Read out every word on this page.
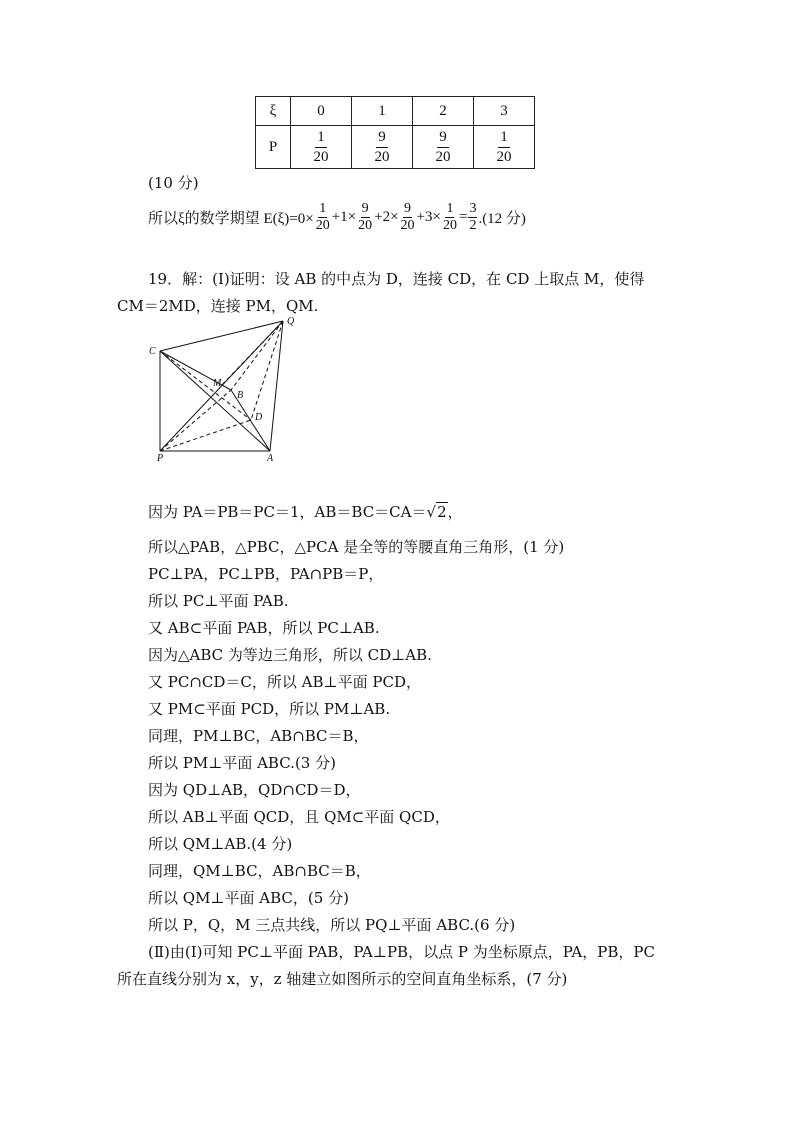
ξ	0	1	2	3
P	$\frac{1}{20}$	$\frac{9}{20}$	$\frac{9}{20}$	$\frac{1}{20}$
(10 分)
所以ξ的数学期望 $E(\xi)=0\times \frac{1}{20} +1\times \frac{9}{20} +2\times \frac{9}{20} +3\times \frac{1}{20} = \frac{3}{2} .(12$ 分)
19．解：(Ⅰ)证明：设 AB 的中点为 D，连接 CD，在 CD 上取点 M，使得
CM＝2MD，连接 PM，QM.
Q
C
M
B
D
P	A
因为 PA＝PB＝PC＝1，AB＝BC＝CA＝√2，
所以△PAB，△PBC，△PCA 是全等的等腰直角三角形，(1 分)
PC⊥PA，PC⊥PB，PA∩PB＝P，
所以 PC⊥平面 PAB.
又 AB⊂平面 PAB，所以 PC⊥AB.
因为△ABC 为等边三角形，所以 CD⊥AB.
又 PC∩CD＝C，所以 AB⊥平面 PCD，
又 PM⊂平面 PCD，所以 PM⊥AB.
同理，PM⊥BC，AB∩BC＝B，
所以 PM⊥平面 ABC.(3 分)
因为 QD⊥AB，QD∩CD＝D，
所以 AB⊥平面 QCD，且 QM⊂平面 QCD，
所以 QM⊥AB.(4 分)
同理，QM⊥BC，AB∩BC＝B，
所以 QM⊥平面 ABC，(5 分)
所以 P，Q，M 三点共线，所以 PQ⊥平面 ABC.(6 分)
(Ⅱ)由(Ⅰ)可知 PC⊥平面 PAB，PA⊥PB，以点 P 为坐标原点，PA，PB，PC
所在直线分别为 x，y，z 轴建立如图所示的空间直角坐标系，(7 分)
